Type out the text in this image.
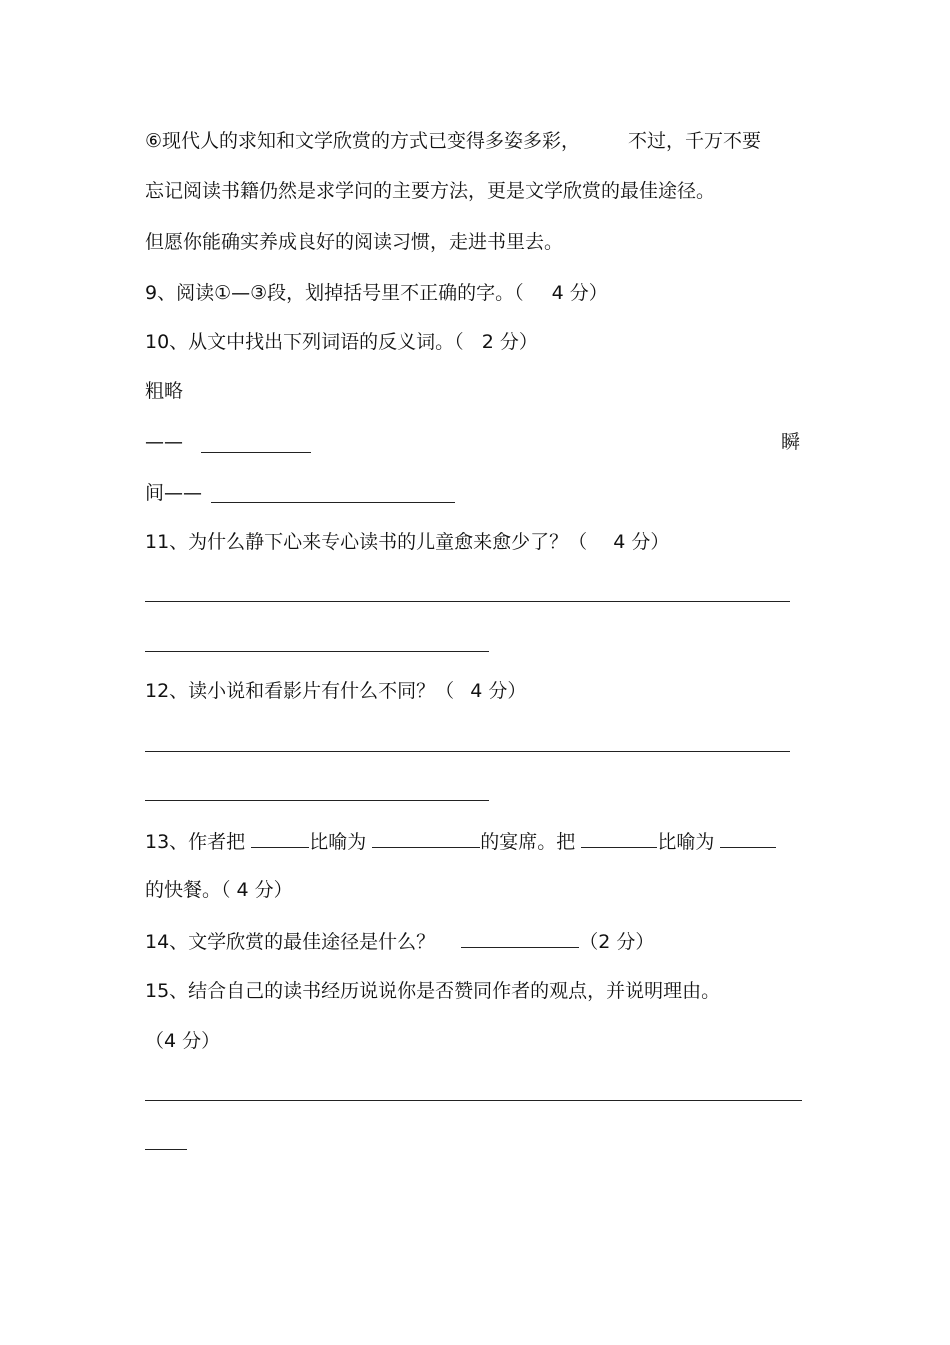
⑥现代人的求知和文学欣赏的方式已变得多姿多彩，	不过，千万不要
忘记阅读书籍仍然是求学问的主要方法，更是文学欣赏的最佳途径。
但愿你能确实养成良好的阅读习惯，走进书里去。
9、阅读①—③段，划掉括号里不正确的字。（ 4 分）
10、从文中找出下列词语的反义词。（ 2 分）
粗略
——	瞬
间——
11、为什么静下心来专心读书的儿童愈来愈少了？（ 4 分）
12、读小说和看影片有什么不同？（ 4 分）
13、作者把	比喻为	的宴席。把	比喻为
的快餐。（ 4 分）
14、文学欣赏的最佳途径是什么？	（2 分）
15、结合自己的读书经历说说你是否赞同作者的观点，并说明理由。
（4 分）
